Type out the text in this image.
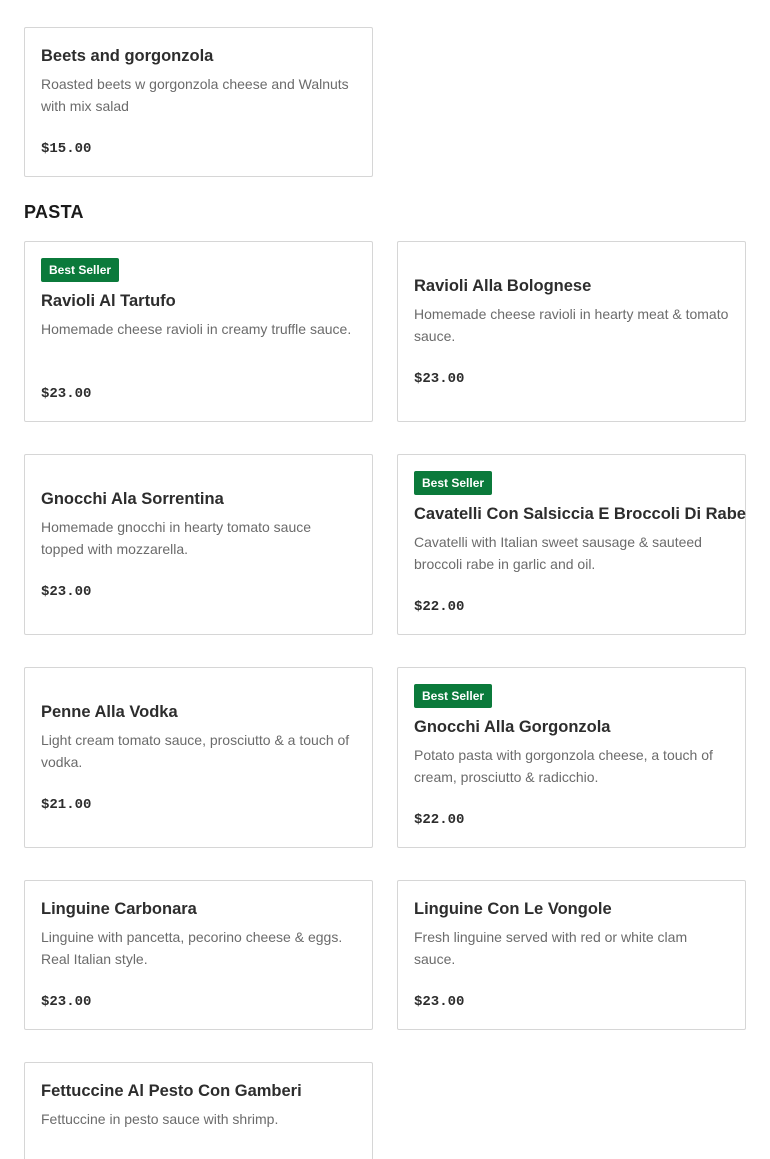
Beets and gorgonzola
Roasted beets w gorgonzola cheese and Walnuts with mix salad
$15.00
PASTA
Best Seller
Ravioli Al Tartufo
Homemade cheese ravioli in creamy truffle sauce.
$23.00
Ravioli Alla Bolognese
Homemade cheese ravioli in hearty meat & tomato sauce.
$23.00
Gnocchi Ala Sorrentina
Homemade gnocchi in hearty tomato sauce topped with mozzarella.
$23.00
Best Seller
Cavatelli Con Salsiccia E Broccoli Di Rabe
Cavatelli with Italian sweet sausage & sauteed broccoli rabe in garlic and oil.
$22.00
Penne Alla Vodka
Light cream tomato sauce, prosciutto & a touch of vodka.
$21.00
Best Seller
Gnocchi Alla Gorgonzola
Potato pasta with gorgonzola cheese, a touch of cream, prosciutto & radicchio.
$22.00
Linguine Carbonara
Linguine with pancetta, pecorino cheese & eggs. Real Italian style.
$23.00
Linguine Con Le Vongole
Fresh linguine served with red or white clam sauce.
$23.00
Fettuccine Al Pesto Con Gamberi
Fettuccine in pesto sauce with shrimp.
